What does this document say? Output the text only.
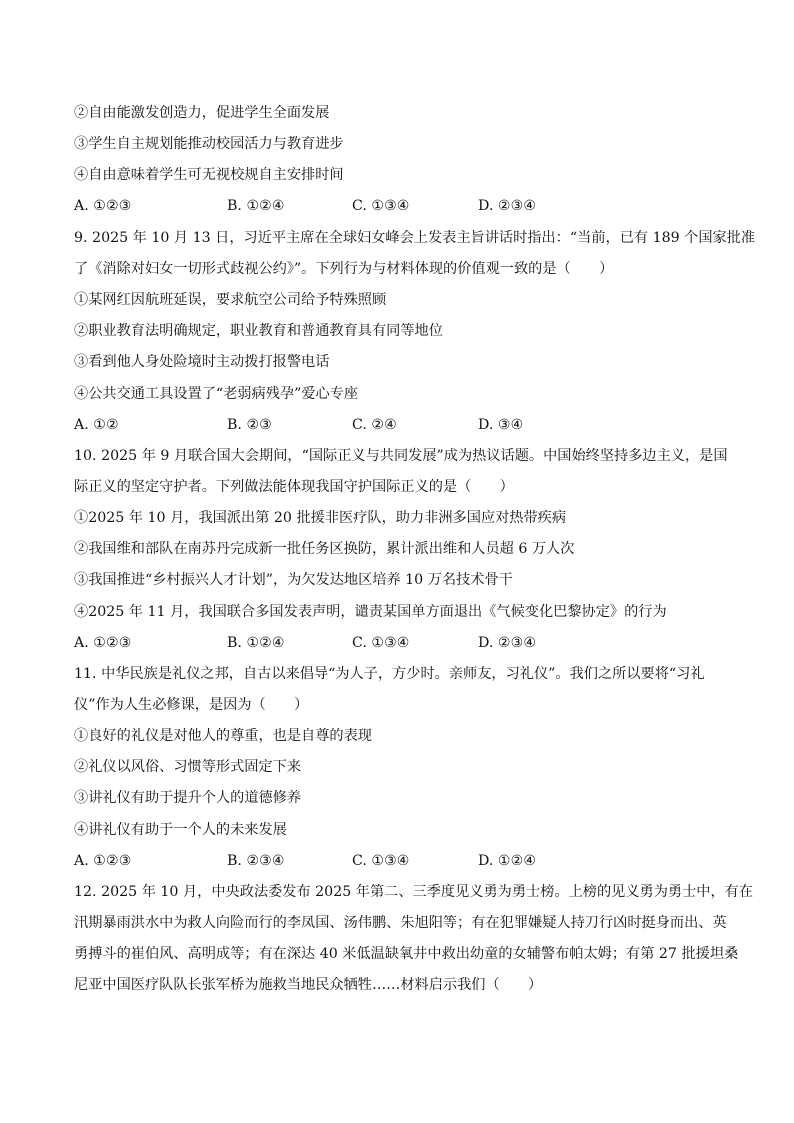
②自由能激发创造力，促进学生全面发展
③学生自主规划能推动校园活力与教育进步
④自由意味着学生可无视校规自主安排时间
A. ①②③	B. ①②④	C. ①③④	D. ②③④
9. 2025 年 10 月 13 日，习近平主席在全球妇女峰会上发表主旨讲话时指出：“当前，已有 189 个国家批准
了《消除对妇女一切形式歧视公约》”。下列行为与材料体现的价值观一致的是（　　）
①某网红因航班延误，要求航空公司给予特殊照顾
②职业教育法明确规定，职业教育和普通教育具有同等地位
③看到他人身处险境时主动拨打报警电话
④公共交通工具设置了“老弱病残孕”爱心专座
A. ①②	B. ②③	C. ②④	D. ③④
10. 2025 年 9 月联合国大会期间，“国际正义与共同发展”成为热议话题。中国始终坚持多边主义，是国
际正义的坚定守护者。下列做法能体现我国守护国际正义的是（　　）
①2025 年 10 月，我国派出第 20 批援非医疗队，助力非洲多国应对热带疾病
②我国维和部队在南苏丹完成新一批任务区换防，累计派出维和人员超 6 万人次
③我国推进“乡村振兴人才计划”，为欠发达地区培养 10 万名技术骨干
④2025 年 11 月，我国联合多国发表声明，谴责某国单方面退出《气候变化巴黎协定》的行为
A. ①②③	B. ①②④	C. ①③④	D. ②③④
11. 中华民族是礼仪之邦，自古以来倡导“为人子，方少时。亲师友，习礼仪”。我们之所以要将“习礼
仪”作为人生必修课，是因为（　　）
①良好的礼仪是对他人的尊重，也是自尊的表现
②礼仪以风俗、习惯等形式固定下来
③讲礼仪有助于提升个人的道德修养
④讲礼仪有助于一个人的未来发展
A. ①②③	B. ②③④	C. ①③④	D. ①②④
12. 2025 年 10 月，中央政法委发布 2025 年第二、三季度见义勇为勇士榜。上榜的见义勇为勇士中，有在
汛期暴雨洪水中为救人向险而行的李凤国、汤伟鹏、朱旭阳等；有在犯罪嫌疑人持刀行凶时挺身而出、英
勇搏斗的崔伯风、高明成等；有在深达 40 米低温缺氧井中救出幼童的女辅警布帕太姆；有第 27 批援坦桑
尼亚中国医疗队队长张军桥为施救当地民众牺牲……材料启示我们（　　）
